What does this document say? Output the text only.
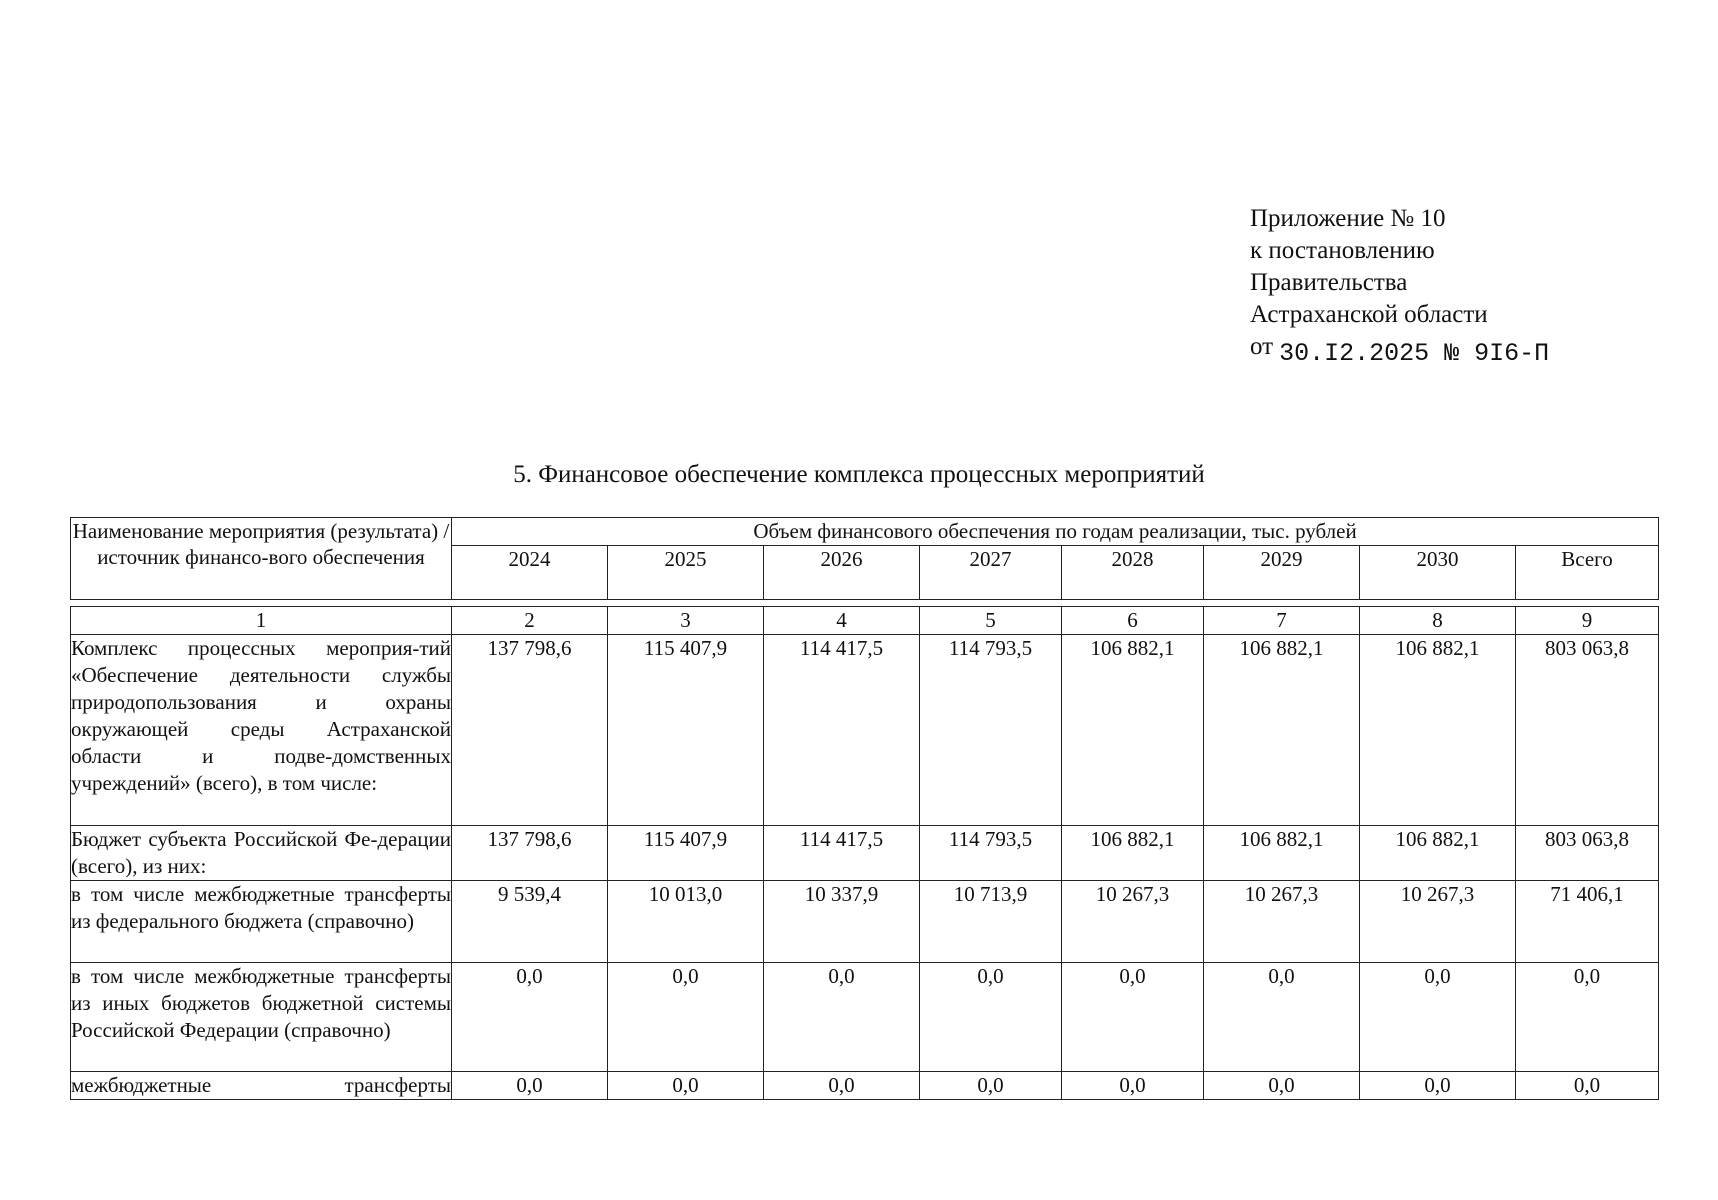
Приложение № 10
к постановлению
Правительства
Астраханской области
от 30.I2.2025 № 9I6-П
5. Финансовое обеспечение комплекса процессных мероприятий
Наименование мероприятия (результата) / источник финансо-вого обеспечения	Объем финансового обеспечения по годам реализации, тыс. рублей							
	2024	2025	2026	2027	2028	2029	2030	Всего

1	2	3	4	5	6	7	8	9
Комплекс процессных мероприя-тий «Обеспечение деятельности службы природопользования и охраны окружающей среды Астраханской области и подве-домственных учреждений» (всего), в том числе:	137 798,6	115 407,9	114 417,5	114 793,5	106 882,1	106 882,1	106 882,1	803 063,8
Бюджет субъекта Российской Фе-дерации (всего), из них:	137 798,6	115 407,9	114 417,5	114 793,5	106 882,1	106 882,1	106 882,1	803 063,8
в том числе межбюджетные трансферты из федерального бюджета (справочно)	9 539,4	10 013,0	10 337,9	10 713,9	10 267,3	10 267,3	10 267,3	71 406,1
в том числе межбюджетные трансферты из иных бюджетов бюджетной системы Российской Федерации (справочно)	0,0	0,0	0,0	0,0	0,0	0,0	0,0	0,0
межбюджетные трансферты	0,0	0,0	0,0	0,0	0,0	0,0	0,0	0,0
